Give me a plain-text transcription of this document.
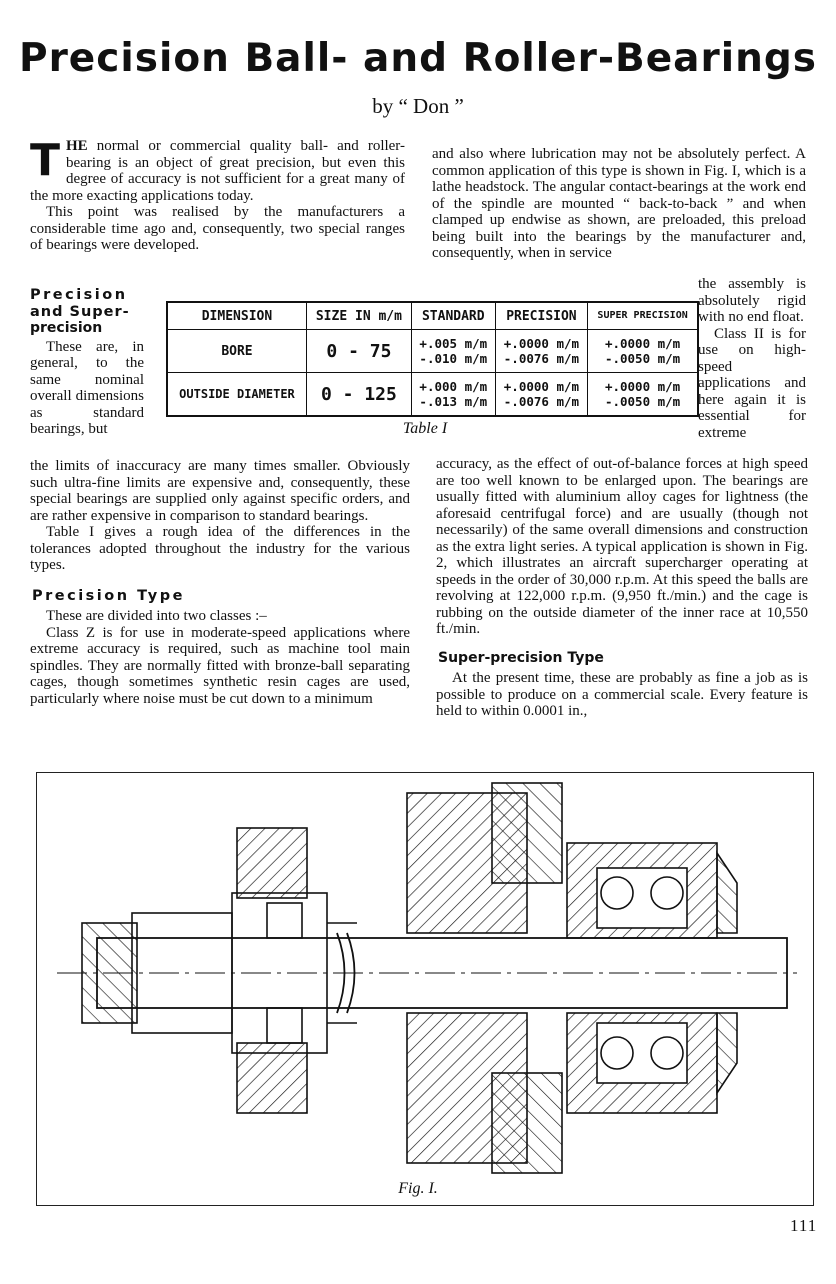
Precision Ball- and Roller-Bearings
by “ Don ”

THE normal or commercial quality ball- and roller-bearing is an object of great precision, but even this degree of accuracy is not sufficient for a great many of the more exacting applications today.

This point was realised by the manufacturers a considerable time ago and, consequently, two special ranges of bearings were developed.

Precision
and Super-
precision

These are, in general, to the same nominal overall dimensions as standard bearings, but

the limits of inaccuracy are many times smaller. Obviously such ultra-fine limits are expensive and, consequently, these special bearings are supplied only against specific orders, and are rather expensive in comparison to standard bearings.

Table I gives a rough idea of the differences in the tolerances adopted throughout the industry for the various types.

Precision Type

These are divided into two classes :–

Class Z is for use in moderate-speed applications where extreme accuracy is required, such as machine tool main spindles. They are normally fitted with bronze-ball separating cages, though sometimes synthetic resin cages are used, particularly where noise must be cut down to a minimum

and also where lubrication may not be absolutely perfect. A common application of this type is shown in Fig. I, which is a lathe headstock. The angular contact-bearings at the work end of the spindle are mounted “ back-to-back ” and when clamped up endwise as shown, are preloaded, this preload being built into the bearings by the manufacturer and, consequently, when in service

the assembly is absolutely rigid with no end float.

Class II is for use on high-speed applications and here again it is essential for extreme

accuracy, as the effect of out-of-balance forces at high speed are too well known to be enlarged upon. The bearings are usually fitted with aluminium alloy cages for lightness (the aforesaid centrifugal force) and are usually (though not necessarily) of the same overall dimensions and construction as the extra light series. A typical application is shown in Fig. 2, which illustrates an aircraft supercharger operating at speeds in the order of 30,000 r.p.m. At this speed the balls are revolving at 122,000 r.p.m. (9,950 ft./min.) and the cage is rubbing on the outside diameter of the inner race at 10,550 ft./min.

Super-precision Type

At the present time, these are probably as fine a job as is possible to produce on a commercial scale. Every feature is held to within 0.0001 in.,

DIMENSION	SIZE IN m/m	STANDARD	PRECISION	SUPER PRECISION
BORE	0 - 75	+.005 m/m
-.010 m/m	+.0000 m/m
-.0076 m/m	+.0000 m/m
-.0050 m/m

OUTSIDE DIAMETER	0 - 125	+.000 m/m
-.013 m/m	+.0000 m/m
-.0076 m/m	+.0000 m/m
-.0050 m/m
Table I
Fig. I.
111
